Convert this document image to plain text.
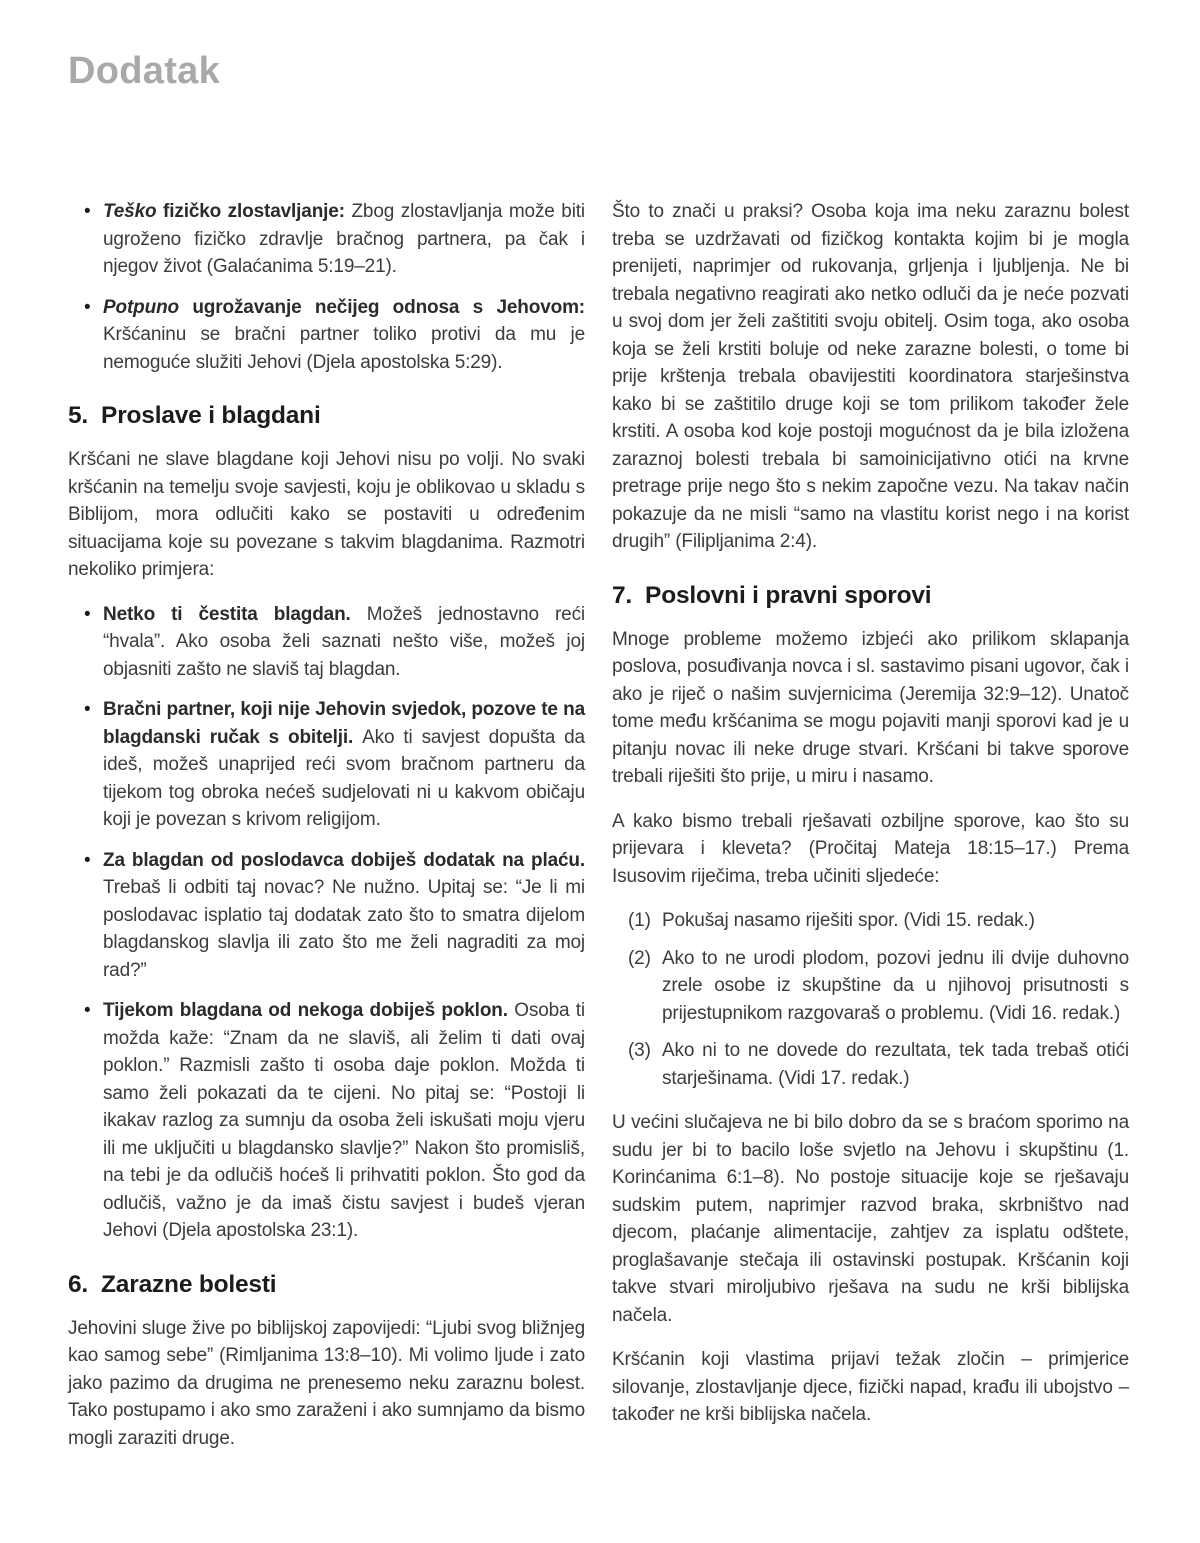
Dodatak
• Teško fizičko zlostavljanje: Zbog zlostavljanja može biti ugroženo fizičko zdravlje bračnog partnera, pa čak i njegov život (Galaćanima 5:19–21).

• Potpuno ugrožavanje nečijeg odnosa s Jehovom: Kršćaninu se bračni partner toliko protivi da mu je nemoguće služiti Jehovi (Djela apostolska 5:29).

5. Proslave i blagdani

Kršćani ne slave blagdane koji Jehovi nisu po volji. No svaki kršćanin na temelju svoje savjesti, koju je oblikovao u skladu s Biblijom, mora odlučiti kako se postaviti u određenim situacijama koje su povezane s takvim blagdanima. Razmotri nekoliko primjera:

• Netko ti čestita blagdan. Možeš jednostavno reći “hvala”. Ako osoba želi saznati nešto više, možeš joj objasniti zašto ne slaviš taj blagdan.

• Bračni partner, koji nije Jehovin svjedok, pozove te na blagdanski ručak s obitelji. Ako ti savjest dopušta da ideš, možeš unaprijed reći svom bračnom partneru da tijekom tog obroka nećeš sudjelovati ni u kakvom običaju koji je povezan s krivom religijom.

• Za blagdan od poslodavca dobiješ dodatak na plaću. Trebaš li odbiti taj novac? Ne nužno. Upitaj se: “Je li mi poslodavac isplatio taj dodatak zato što to smatra dijelom blagdanskog slavlja ili zato što me želi nagraditi za moj rad?”

• Tijekom blagdana od nekoga dobiješ poklon. Osoba ti možda kaže: “Znam da ne slaviš, ali želim ti dati ovaj poklon.” Razmisli zašto ti osoba daje poklon. Možda ti samo želi pokazati da te cijeni. No pitaj se: “Postoji li ikakav razlog za sumnju da osoba želi iskušati moju vjeru ili me uključiti u blagdansko slavlje?” Nakon što promisliš, na tebi je da odlučiš hoćeš li prihvatiti poklon. Što god da odlučiš, važno je da imaš čistu savjest i budeš vjeran Jehovi (Djela apostolska 23:1).

6. Zarazne bolesti

Jehovini sluge žive po biblijskoj zapovijedi: “Ljubi svog bližnjeg kao samog sebe” (Rimljanima 13:8–10). Mi volimo ljude i zato jako pazimo da drugima ne prenesemo neku zaraznu bolest. Tako postupamo i ako smo zaraženi i ako sumnjamo da bismo mogli zaraziti druge.

Što to znači u praksi? Osoba koja ima neku zaraznu bolest treba se uzdržavati od fizičkog kontakta kojim bi je mogla prenijeti, naprimjer od rukovanja, grljenja i ljubljenja. Ne bi trebala negativno reagirati ako netko odluči da je neće pozvati u svoj dom jer želi zaštititi svoju obitelj. Osim toga, ako osoba koja se želi krstiti boluje od neke zarazne bolesti, o tome bi prije krštenja trebala obavijestiti koordinatora starješinstva kako bi se zaštitilo druge koji se tom prilikom također žele krstiti. A osoba kod koje postoji mogućnost da je bila izložena zaraznoj bolesti trebala bi samoinicijativno otići na krvne pretrage prije nego što s nekim započne vezu. Na takav način pokazuje da ne misli “samo na vlastitu korist nego i na korist drugih” (Filipljanima 2:4).

7. Poslovni i pravni sporovi

Mnoge probleme možemo izbjeći ako prilikom sklapanja poslova, posuđivanja novca i sl. sastavimo pisani ugovor, čak i ako je riječ o našim suvjernicima (Jeremija 32:9–12). Unatoč tome među kršćanima se mogu pojaviti manji sporovi kad je u pitanju novac ili neke druge stvari. Kršćani bi takve sporove trebali riješiti što prije, u miru i nasamo.

A kako bismo trebali rješavati ozbiljne sporove, kao što su prijevara i kleveta? (Pročitaj Mateja 18:15–17.) Prema Isusovim riječima, treba učiniti sljedeće:

(1) Pokušaj nasamo riješiti spor. (Vidi 15. redak.)

(2) Ako to ne urodi plodom, pozovi jednu ili dvije duhovno zrele osobe iz skupštine da u njihovoj prisutnosti s prijestupnikom razgovaraš o problemu. (Vidi 16. redak.)

(3) Ako ni to ne dovede do rezultata, tek tada trebaš otići starješinama. (Vidi 17. redak.)

U većini slučajeva ne bi bilo dobro da se s braćom sporimo na sudu jer bi to bacilo loše svjetlo na Jehovu i skupštinu (1. Korinćanima 6:1–8). No postoje situacije koje se rješavaju sudskim putem, naprimjer razvod braka, skrbništvo nad djecom, plaćanje alimentacije, zahtjev za isplatu odštete, proglašavanje stečaja ili ostavinski postupak. Kršćanin koji takve stvari miroljubivo rješava na sudu ne krši biblijska načela.

Kršćanin koji vlastima prijavi težak zločin – primjerice silovanje, zlostavljanje djece, fizički napad, krađu ili ubojstvo – također ne krši biblijska načela.
